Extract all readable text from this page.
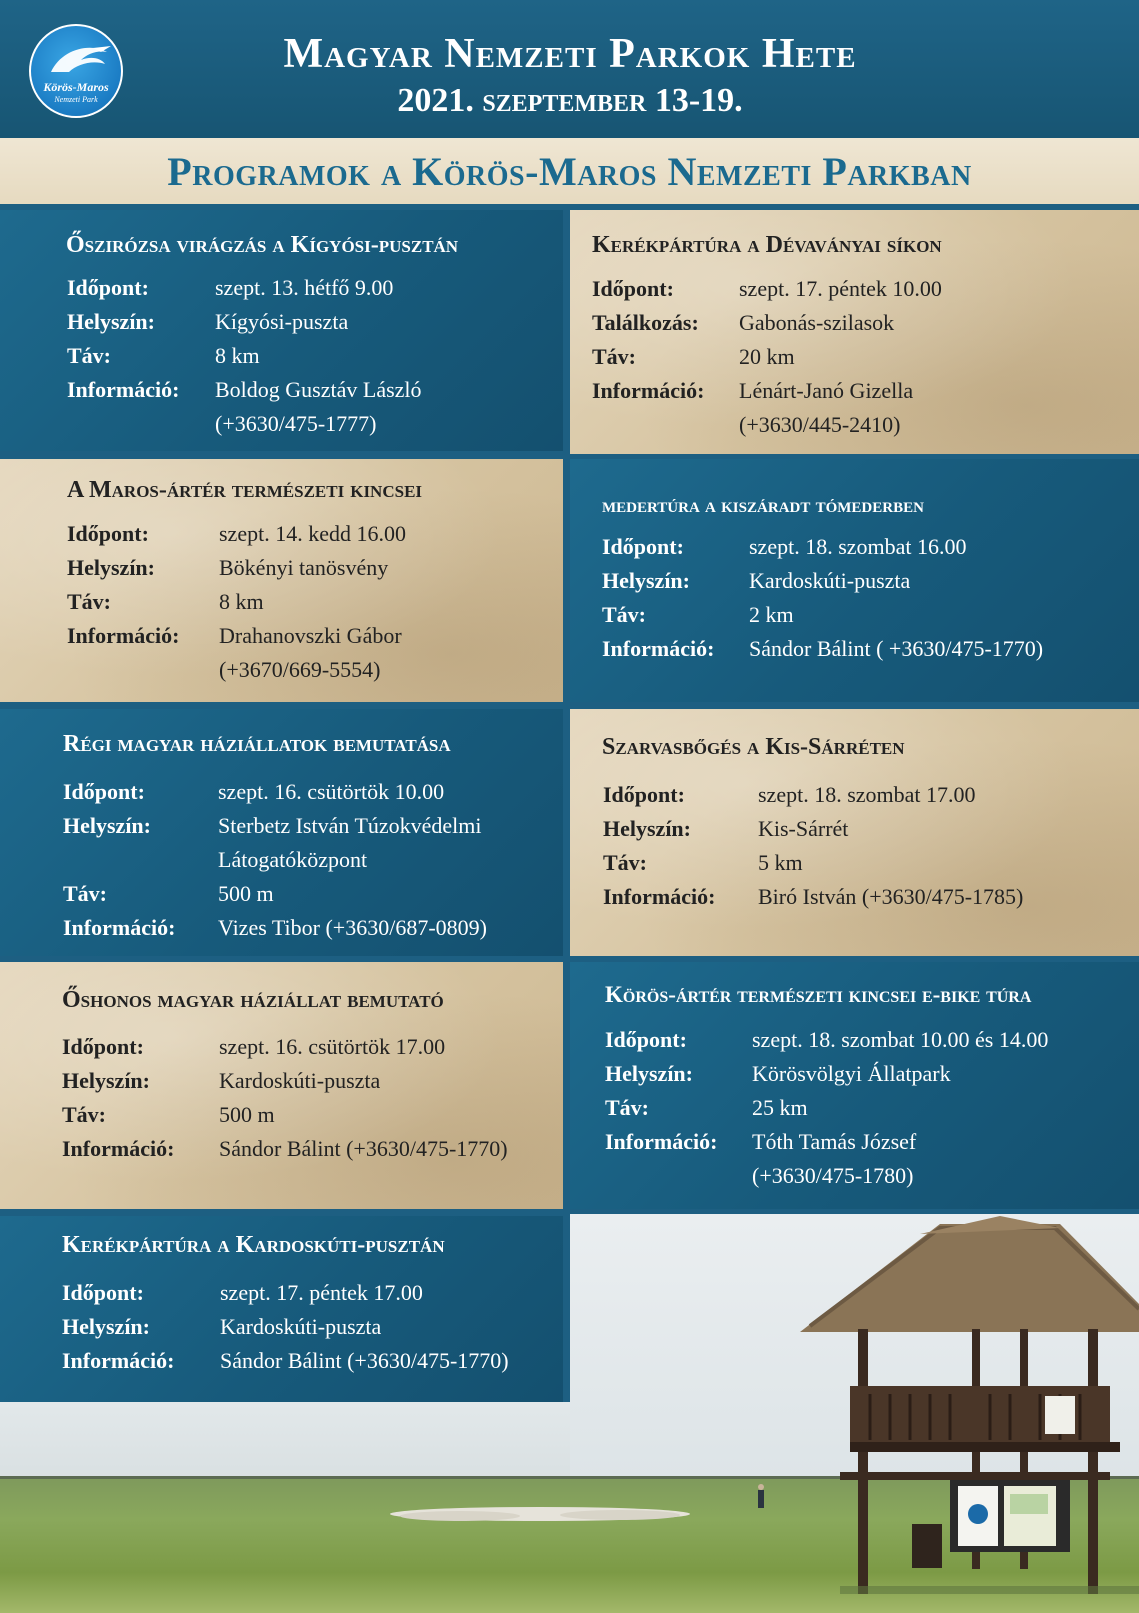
Körös-Maros
Nemzeti Park
Magyar Nemzeti Parkok Hete
2021. szeptember 13-19.
Programok a Körös-Maros Nemzeti Parkban
Őszirózsa virágzás a Kígyósi-pusztán
Időpont:	szept. 13. hétfő 9.00
Helyszín:	Kígyósi-puszta
Táv:	8 km
Információ: Boldog Gusztáv László
(+3630/475-1777)
Kerékpártúra a Dévaványai síkon
Időpont:	szept. 17. péntek 10.00
Találkozás: Gabonás-szilasok
Táv:	20 km
Információ: Lénárt-Janó Gizella
(+3630/445-2410)
A Maros-ártér természeti kincsei
Időpont:	szept. 14. kedd 16.00
Helyszín:	Bökényi tanösvény
Táv:	8 km
Információ: Drahanovszki Gábor
(+3670/669-5554)
medertúra a kiszáradt tómederben
Időpont:	szept. 18. szombat 16.00
Helyszín:	Kardoskúti-puszta
Táv:	2 km
Információ: Sándor Bálint ( +3630/475-1770)
Régi magyar háziállatok bemutatása
Időpont:	szept. 16. csütörtök 10.00
Helyszín:	Sterbetz István Túzokvédelmi
Látogatóközpont
Táv:	500 m
Információ: Vizes Tibor (+3630/687-0809)
Szarvasbőgés a Kis-Sárréten
Időpont:	szept. 18. szombat 17.00
Helyszín:	Kis-Sárrét
Táv:	5 km
Információ: Biró István (+3630/475-1785)
Őshonos magyar háziállat bemutató
Időpont:	szept. 16. csütörtök 17.00
Helyszín:	Kardoskúti-puszta
Táv:	500 m
Információ: Sándor Bálint (+3630/475-1770)
Körös-ártér természeti kincsei e-bike túra
Időpont:	szept. 18. szombat 10.00 és 14.00
Helyszín:	Körösvölgyi Állatpark
Táv:	25 km
Információ: Tóth Tamás József
(+3630/475-1780)
Kerékpártúra a Kardoskúti-pusztán
Időpont:	szept. 17. péntek 17.00
Helyszín:	Kardoskúti-puszta
Információ: Sándor Bálint (+3630/475-1770)
